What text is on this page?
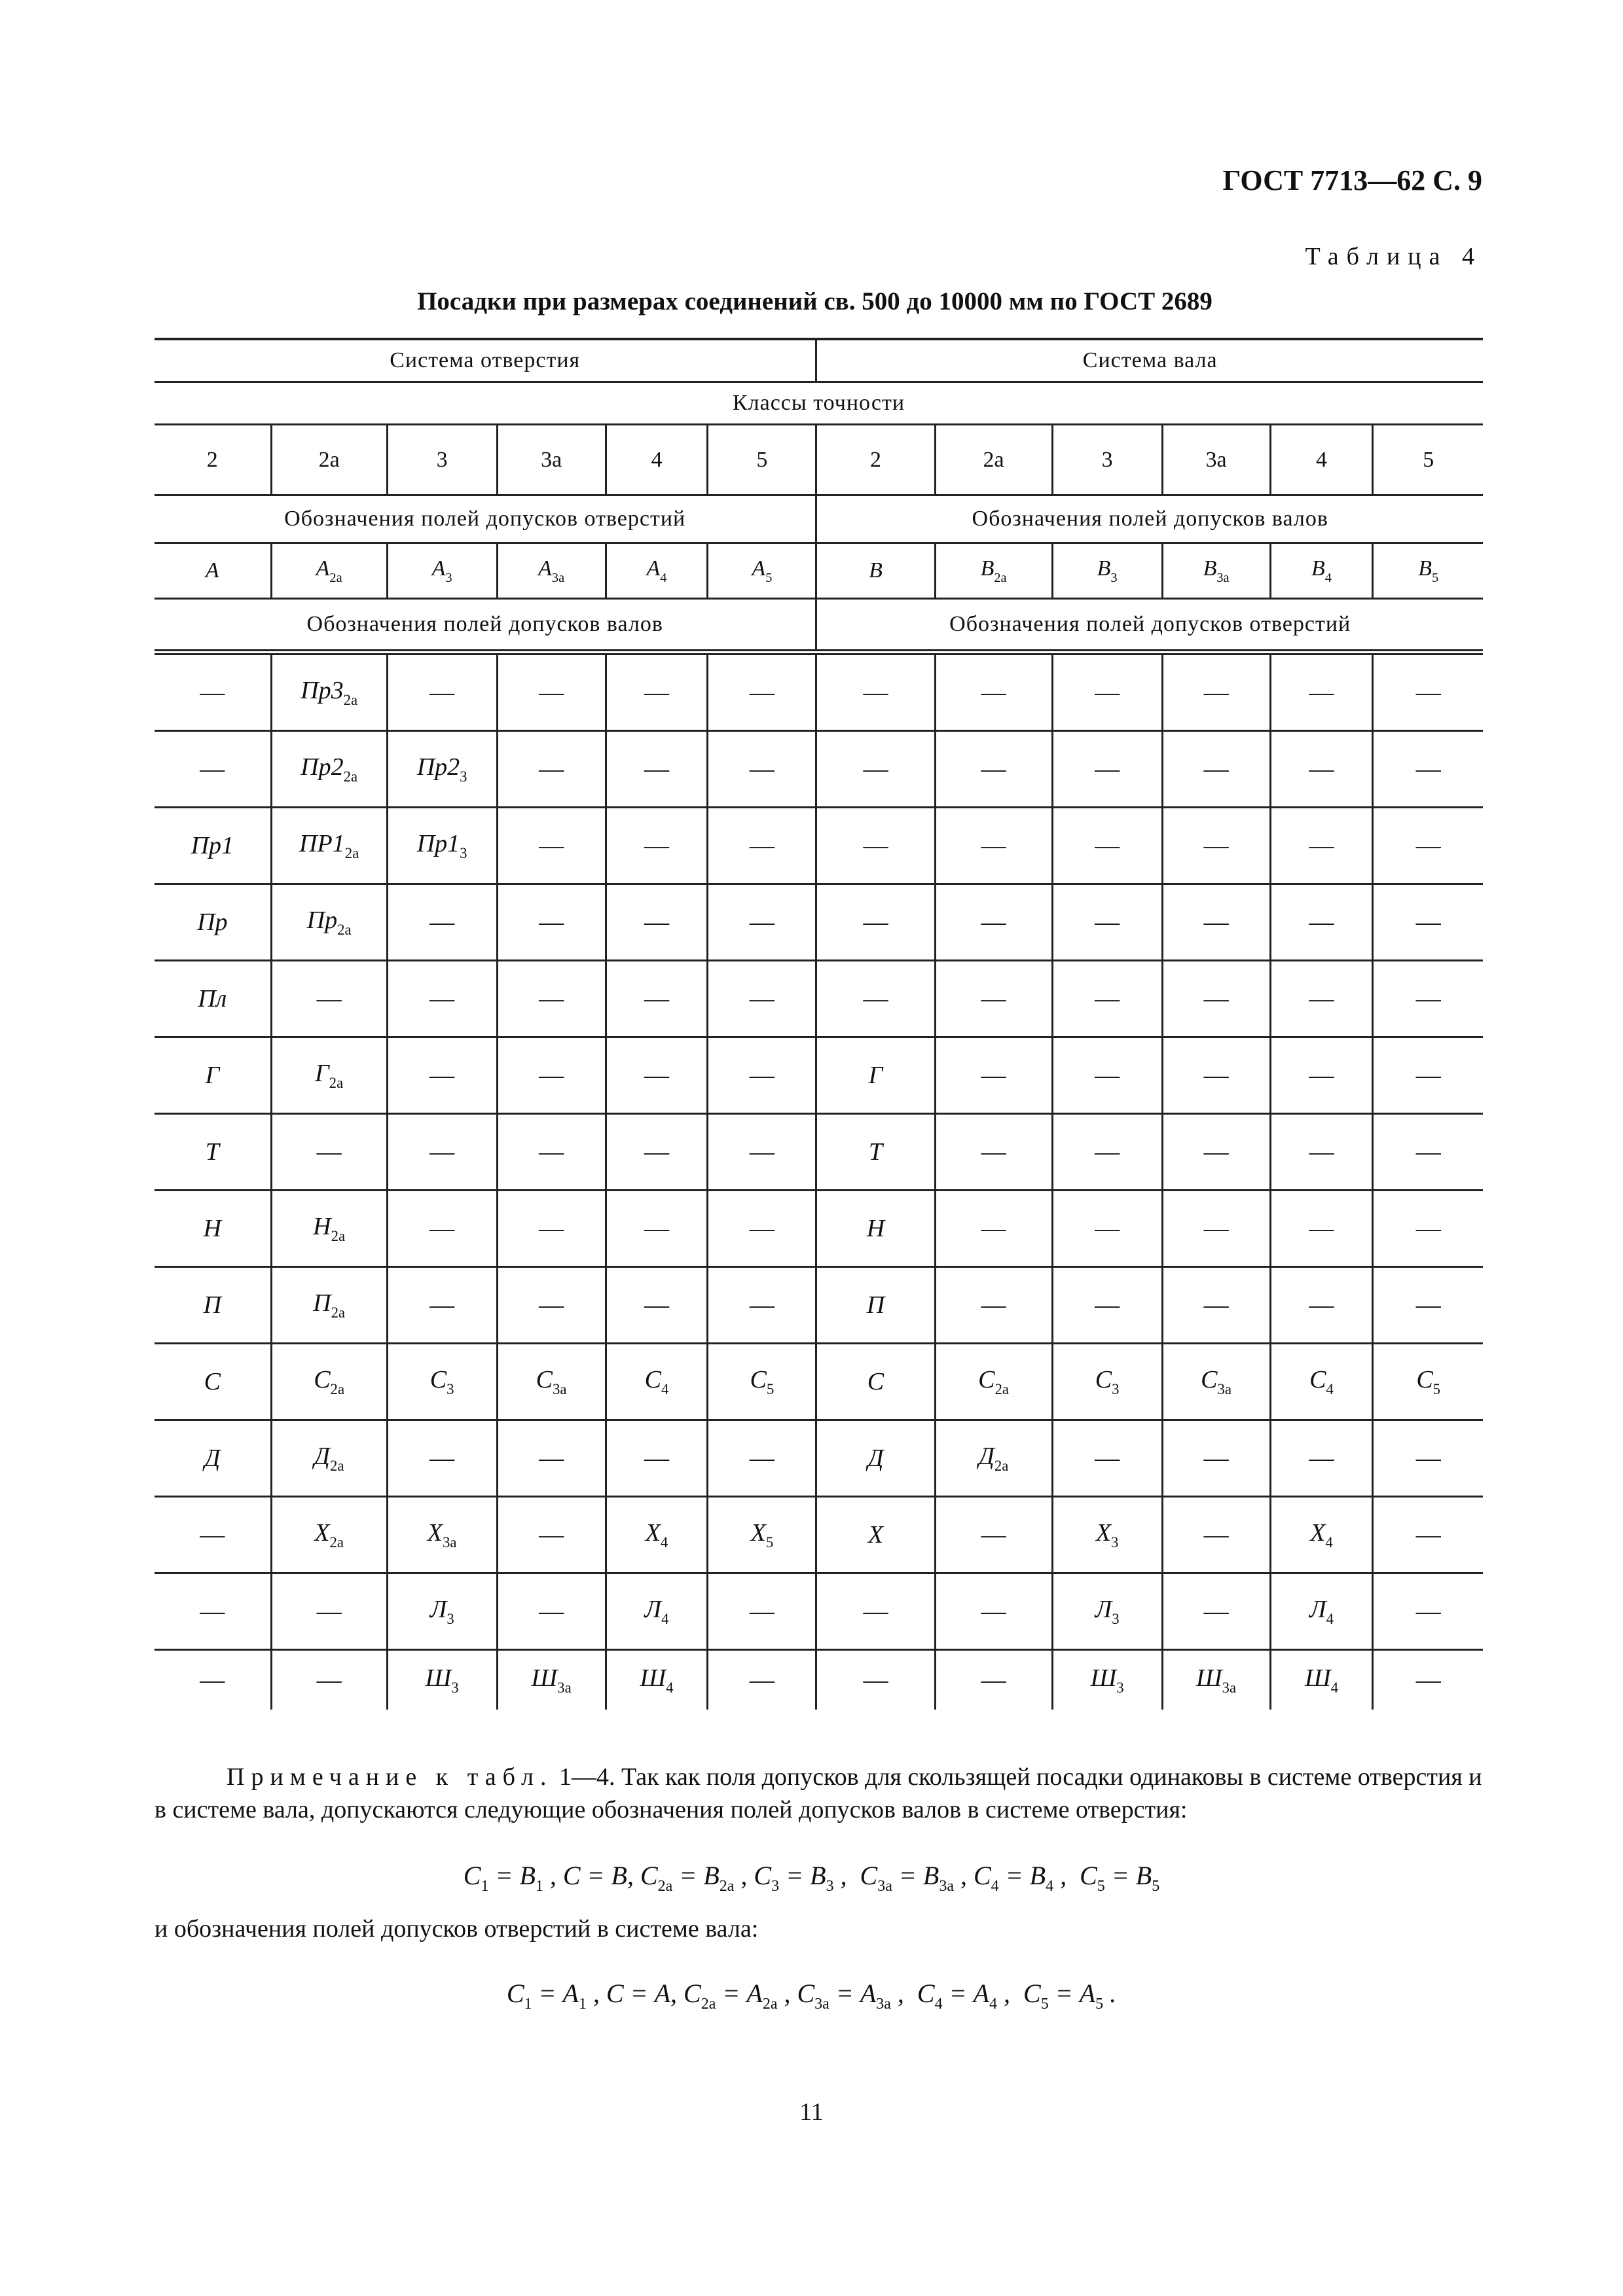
ГОСТ 7713—62 С. 9
Таблица 4
Посадки при размерах соединений св. 500 до 10000 мм по ГОСТ 2689
Система отверстия						Система вала					
Классы точности											
2	2а	3	3а	4	5	2	2а	3	3а	4	5
Обозначения полей допусков отверстий						Обозначения полей допусков валов					
A	$A_{2а}$	$A_3$	$A_{3а}$	$A_4$	$A_5$	B	$B_{2а}$	$B_3$	$B_{3а}$	$B_4$	$B_5$
Обозначения полей допусков валов						Обозначения полей допусков отверстий					
—	$Пр3_{2а}$	—	—	—	—	—	—	—	—	—	—
—	$Пр2_{2а}$	$Пр2_3$	—	—	—	—	—	—	—	—	—
Пр1	$ПР1_{2а}$	$Пр1_3$	—	—	—	—	—	—	—	—	—
Пр	$Пр_{2а}$	—	—	—	—	—	—	—	—	—	—
Пл	—	—	—	—	—	—	—	—	—	—	—
Г	$Г_{2а}$	—	—	—	—	Г	—	—	—	—	—
Т	—	—	—	—	—	Т	—	—	—	—	—
Н	$Н_{2а}$	—	—	—	—	Н	—	—	—	—	—
П	$П_{2а}$	—	—	—	—	П	—	—	—	—	—
С	$С_{2а}$	$С_3$	$С_{3а}$	$С_4$	$С_5$	С	$С_{2а}$	$С_3$	$С_{3а}$	$С_4$	$С_5$
Д	$Д_{2а}$	—	—	—	—	Д	$Д_{2а}$	—	—	—	—
—	$Х_{2а}$	$Х_{3а}$	—	$Х_4$	$Х_5$	Х	—	$Х_3$	—	$Х_4$	—
—	—	$Л_3$	—	$Л_4$	—	—	—	$Л_3$	—	$Л_4$	—
—	—	$Ш_3$	$Ш_{3а}$	$Ш_4$	—	—	—	$Ш_3$	$Ш_{3а}$	$Ш_4$	—
Примечание к табл. 1—4. Так как поля допусков для скользящей посадки одинаковы в системе отверстия и в системе вала, допускаются следующие обозначения полей допусков валов в системе отверстия:
$С_1 = В_1$ , С = В, $С_{2а} = В_{2а}$ , $С_3 = В_3$ ,  $С_{3а} = В_{3а}$ , $С_4 = В_4$ ,  $С_5 = В_5$
и обозначения полей допусков отверстий в системе вала:
$С_1 = А_1$ , С = А, $С_{2а} = А_{2а}$ , $С_{3а} = А_{3а}$ ,  $С_4 = А_4$ ,  $С_5 = А_5$ .
11
